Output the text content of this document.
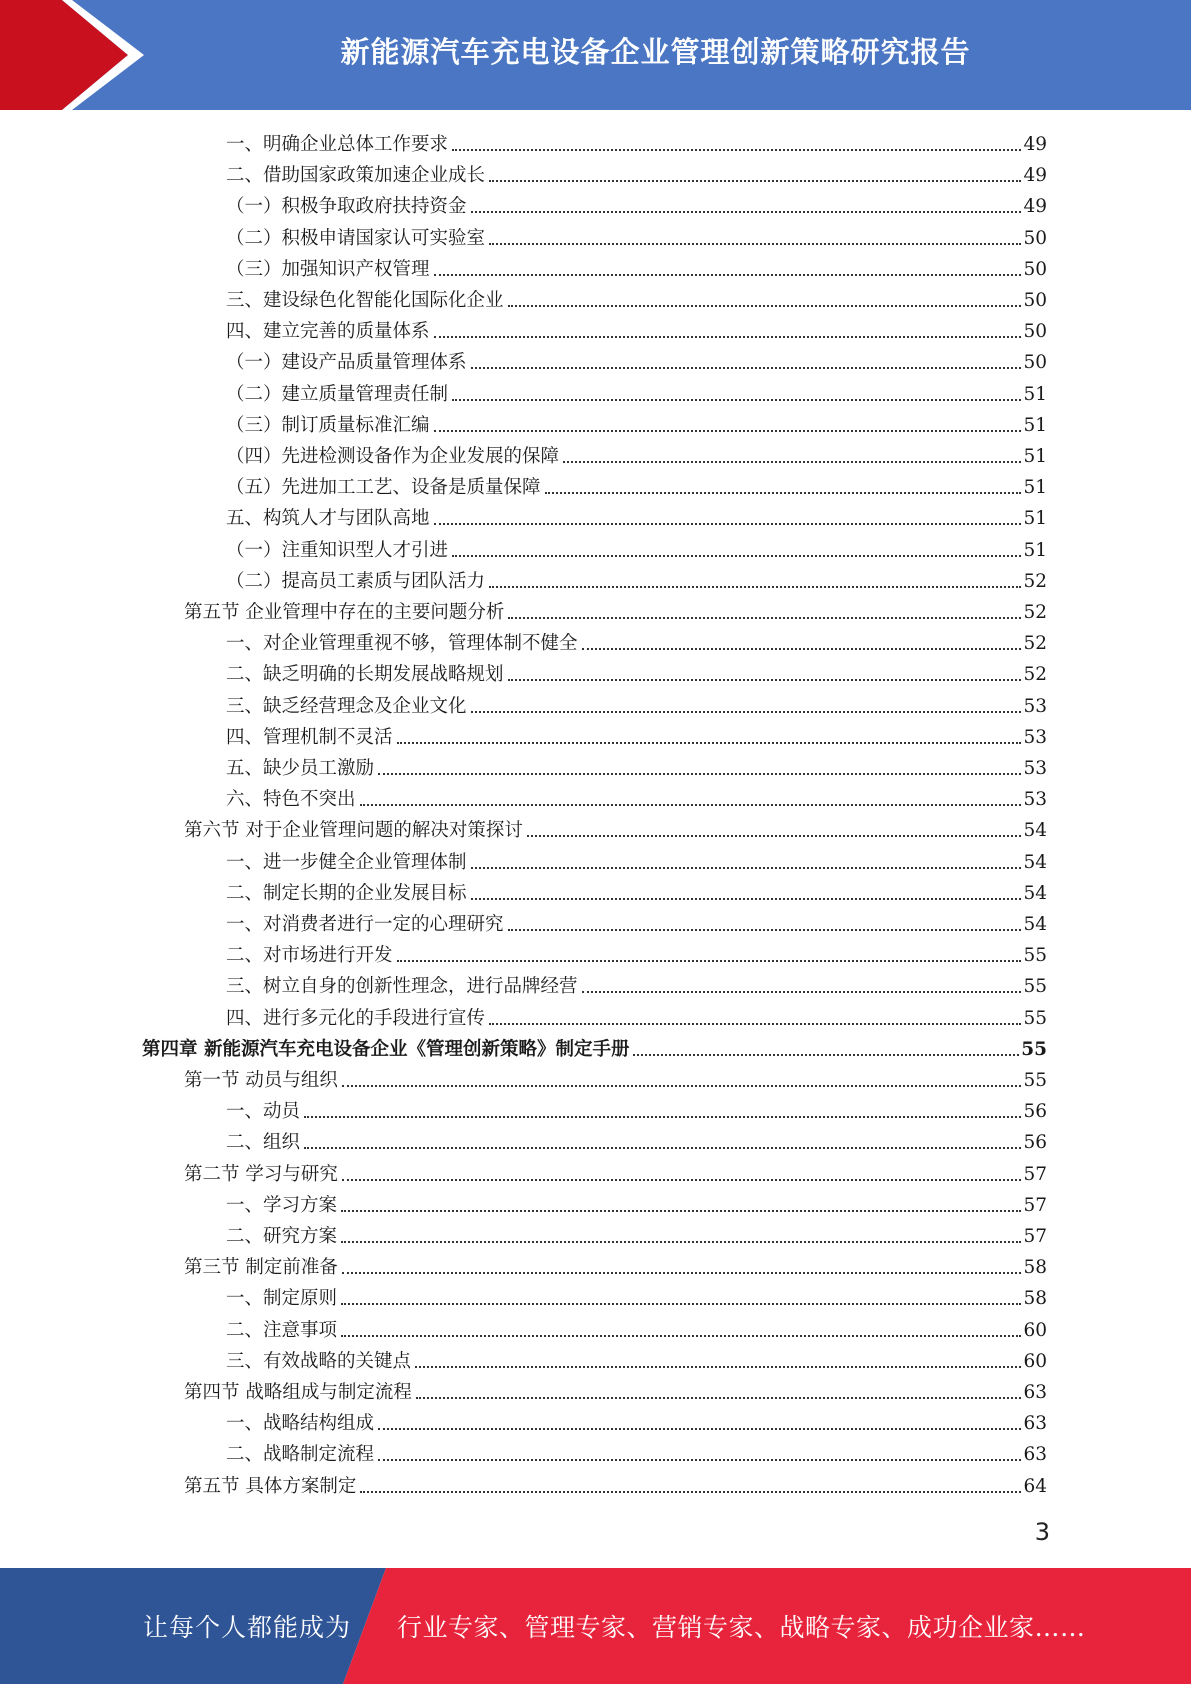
新能源汽车充电设备企业管理创新策略研究报告
一、明确企业总体工作要求	49
二、借助国家政策加速企业成长	49
（一）积极争取政府扶持资金	49
（二）积极申请国家认可实验室	50
（三）加强知识产权管理	50
三、建设绿色化智能化国际化企业	50
四、建立完善的质量体系	50
（一）建设产品质量管理体系	50
（二）建立质量管理责任制	51
（三）制订质量标准汇编	51
（四）先进检测设备作为企业发展的保障	51
（五）先进加工工艺、设备是质量保障	51
五、构筑人才与团队高地	51
（一）注重知识型人才引进	51
（二）提高员工素质与团队活力	52
第五节 企业管理中存在的主要问题分析	52
一、对企业管理重视不够，管理体制不健全	52
二、缺乏明确的长期发展战略规划	52
三、缺乏经营理念及企业文化	53
四、管理机制不灵活	53
五、缺少员工激励	53
六、特色不突出	53
第六节 对于企业管理问题的解决对策探讨	54
一、进一步健全企业管理体制	54
二、制定长期的企业发展目标	54
一、对消费者进行一定的心理研究	54
二、对市场进行开发	55
三、树立自身的创新性理念，进行品牌经营	55
四、进行多元化的手段进行宣传	55
第四章 新能源汽车充电设备企业《管理创新策略》制定手册	55
第一节 动员与组织	55
一、动员	56
二、组织	56
第二节 学习与研究	57
一、学习方案	57
二、研究方案	57
第三节 制定前准备	58
一、制定原则	58
二、注意事项	60
三、有效战略的关键点	60
第四节 战略组成与制定流程	63
一、战略结构组成	63
二、战略制定流程	63
第五节 具体方案制定	64
3
让每个人都能成为 行业专家、管理专家、营销专家、战略专家、成功企业家……
